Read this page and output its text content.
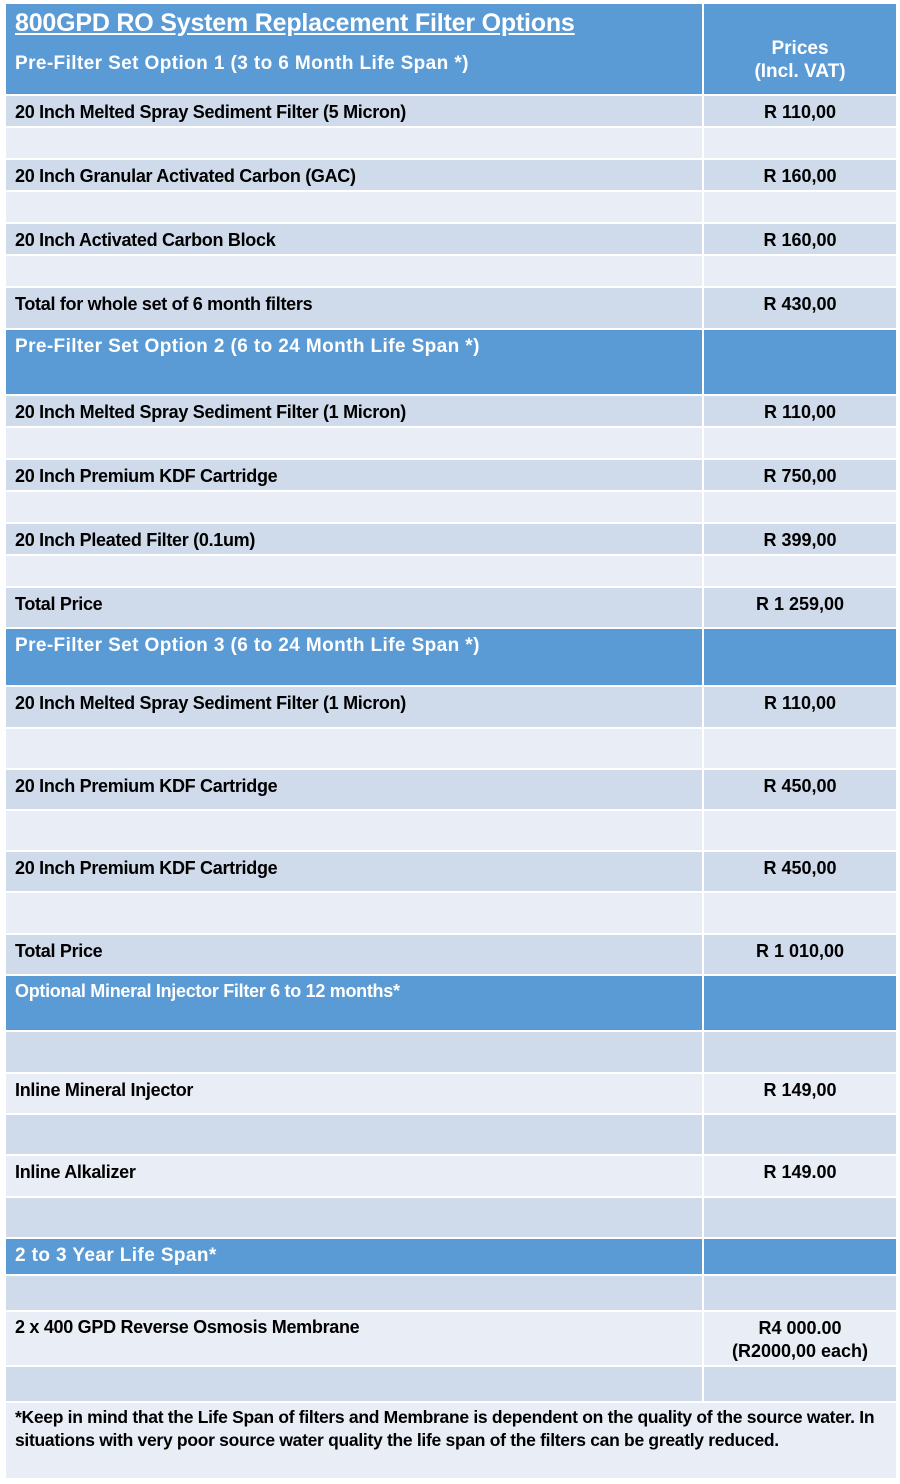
800GPD RO System Replacement Filter Options
Pre-Filter Set Option 1 (3 to 6 Month Life Span *)
Prices
(Incl. VAT)
20 Inch Melted Spray Sediment Filter (5 Micron)	R 110,00
20 Inch Granular Activated Carbon (GAC)	R 160,00
20 Inch Activated Carbon Block	R 160,00
Total for whole set of 6 month filters	R 430,00
Pre-Filter Set Option 2 (6 to 24 Month Life Span *)
20 Inch Melted Spray Sediment Filter (1 Micron)	R 110,00
20 Inch Premium KDF Cartridge	R 750,00
20 Inch Pleated Filter (0.1um)	R 399,00
Total Price	R 1 259,00
Pre-Filter Set Option 3 (6 to 24 Month Life Span *)
20 Inch Melted Spray Sediment Filter (1 Micron)	R 110,00
20 Inch Premium KDF Cartridge	R 450,00
20 Inch Premium KDF Cartridge	R 450,00
Total Price	R 1 010,00
Optional Mineral Injector Filter 6 to 12 months*
Inline Mineral Injector	R 149,00
Inline Alkalizer	R 149.00
2 to 3 Year Life Span*
2 x 400 GPD Reverse Osmosis Membrane	R4 000.00
(R2000,00 each)
*Keep in mind that the Life Span of filters and Membrane is dependent on the quality of the source water. In situations with very poor source water quality the life span of the filters can be greatly reduced.
